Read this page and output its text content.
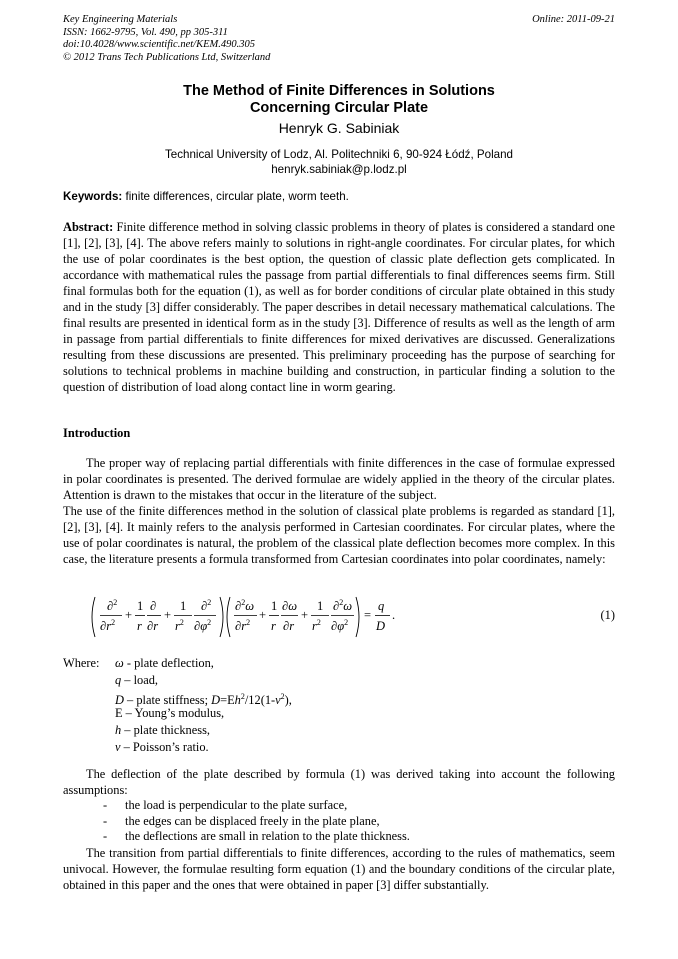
Key Engineering Materials
ISSN: 1662-9795, Vol. 490, pp 305-311
doi:10.4028/www.scientific.net/KEM.490.305
© 2012 Trans Tech Publications Ltd, Switzerland
Online: 2011-09-21
The Method of Finite Differences in Solutions
Concerning Circular Plate
Henryk G. Sabiniak
Technical University of Lodz, Al. Politechniki 6, 90-924 Łódź, Poland
henryk.sabiniak@p.lodz.pl
Keywords: finite differences, circular plate, worm teeth.
Abstract: Finite difference method in solving classic problems in theory of plates is considered a standard one [1], [2], [3], [4]. The above refers mainly to solutions in right-angle coordinates. For circular plates, for which the use of polar coordinates is the best option, the question of classic plate deflection gets complicated. In accordance with mathematical rules the passage from partial differentials to final differences seems firm. Still final formulas both for the equation (1), as well as for border conditions of circular plate obtained in this study and in the study [3] differ considerably. The paper describes in detail necessary mathematical calculations. The final results are presented in identical form as in the study [3]. Difference of results as well as the length of arm in passage from partial differentials to finite differences for mixed derivatives are discussed. Generalizations resulting from these discussions are presented. This preliminary proceeding has the purpose of searching for solutions to technical problems in machine building and construction, in particular finding a solution to the question of distribution of load along contact line in worm gearing.
Introduction
The proper way of replacing partial differentials with finite differences in the case of formulae expressed in polar coordinates is presented. The derived formulae are widely applied in the theory of the circular plates. Attention is drawn to the mistakes that occur in the literature of the subject.
The use of the finite differences method in the solution of classical plate problems is regarded as standard [1], [2], [3], [4]. It mainly refers to the analysis performed in Cartesian coordinates. For circular plates, where the use of polar coordinates is natural, the problem of the classical plate deflection becomes more complex. In this case, the literature presents a formula transformed from Cartesian coordinates into polar coordinates, namely:
∂$^2$
$\partial r^2$
+
1
r
∂
∂r
+
1
$r^2$
∂$^2$
$\partial\varphi^2$
∂$^2$ω
$\partial r^2$
+
1
r
∂ω
∂r
+
1
$r^2$
∂$^2$ω
$\partial\varphi^2$
=
q
D
.	(1)
Where: ω - plate deflection,
q – load,
D – plate stiffness; $D=Eh^2/12(1-v^2)$,
E – Young’s modulus,
h – plate thickness,
v – Poisson’s ratio.
The deflection of the plate described by formula (1) was derived taking into account the following assumptions:
- the load is perpendicular to the plate surface,
- the edges can be displaced freely in the plate plane,
- the deflections are small in relation to the plate thickness.
The transition from partial differentials to finite differences, according to the rules of mathematics, seem univocal. However, the formulae resulting form equation (1) and the boundary conditions of the circular plate, obtained in this paper and the ones that were obtained in paper [3] differ substantially.
